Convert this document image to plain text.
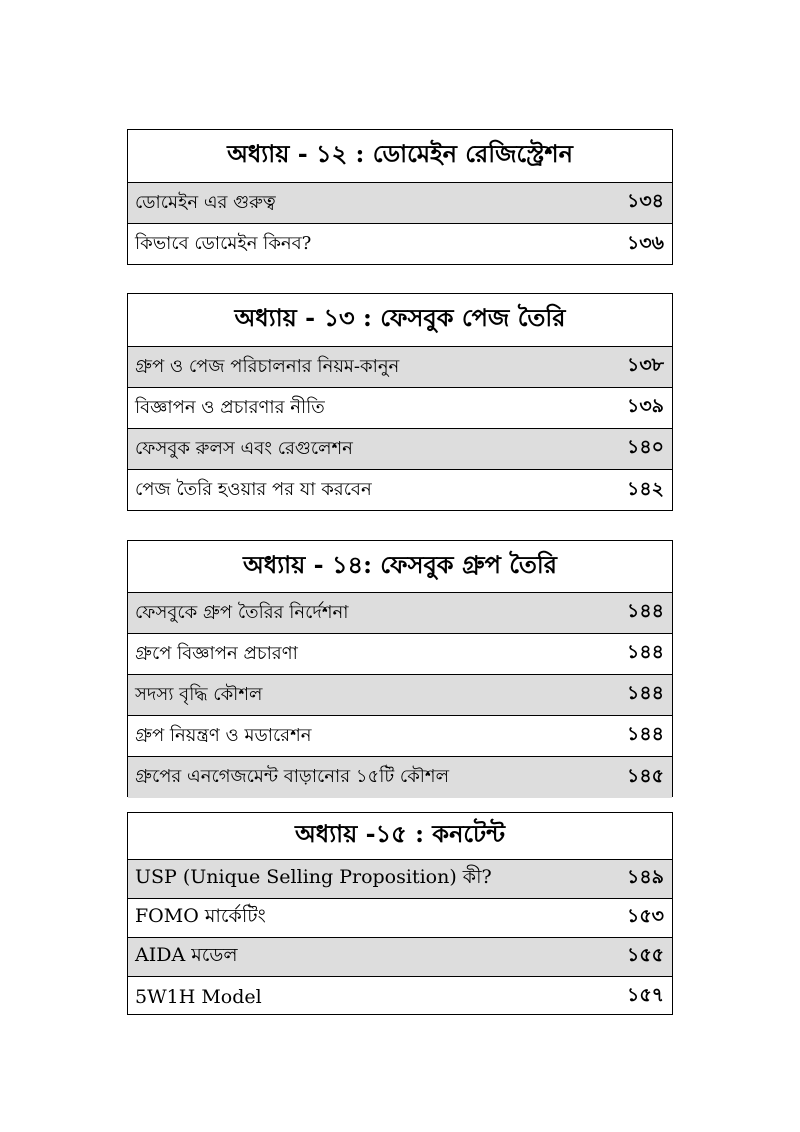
অধ্যায় - ১২ : ডোমেইন রেজিস্ট্রেশন
ডোমেইন এর গুরুত্ব	১৩৪
কিভাবে ডোমেইন কিনব?	১৩৬
অধ্যায় - ১৩ : ফেসবুক পেজ তৈরি
গ্রুপ ও পেজ পরিচালনার নিয়ম-কানুন	১৩৮
বিজ্ঞাপন ও প্রচারণার নীতি	১৩৯
ফেসবুক রুলস এবং রেগুলেশন	১৪০
পেজ তৈরি হওয়ার পর যা করবেন	১৪২
অধ্যায় - ১৪: ফেসবুক গ্রুপ তৈরি
ফেসবুকে গ্রুপ তৈরির নির্দেশনা	১৪৪
গ্রুপে বিজ্ঞাপন প্রচারণা	১৪৪
সদস্য বৃদ্ধি কৌশল	১৪৪
গ্রুপ নিয়ন্ত্রণ ও মডারেশন	১৪৪
গ্রুপের এনগেজমেন্ট বাড়ানোর ১৫টি কৌশল	১৪৫
অধ্যায় -১৫ : কনটেন্ট
USP (Unique Selling Proposition) কী?	১৪৯
FOMO মার্কেটিং	১৫৩
AIDA মডেল	১৫৫
5W1H Model	১৫৭
